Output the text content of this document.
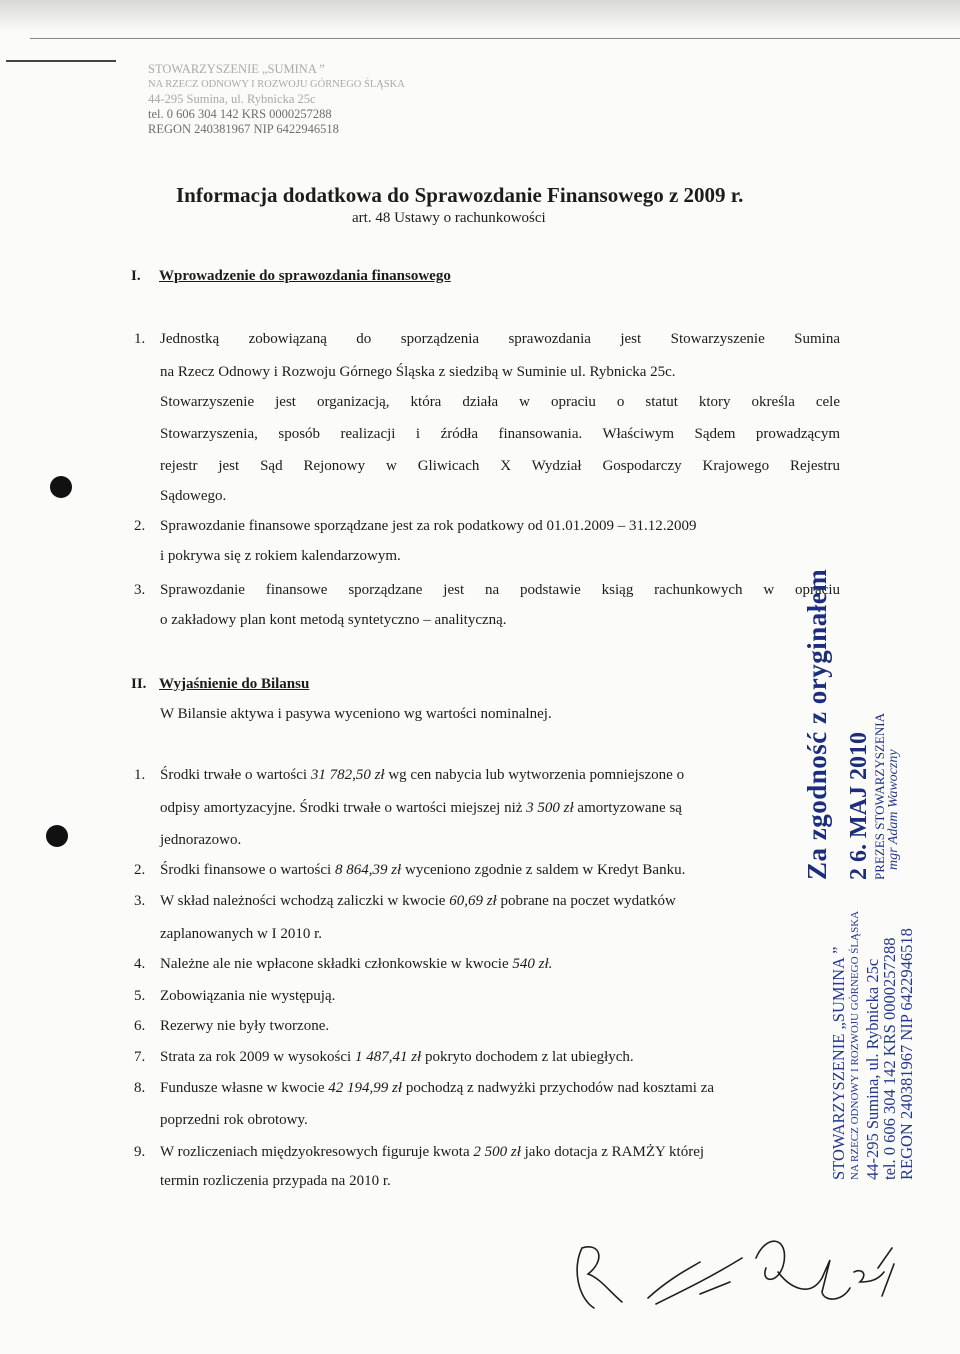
STOWARZYSZENIE „SUMINA ”
NA RZECZ ODNOWY I ROZWOJU GÓRNEGO ŚLĄSKA
44-295 Sumina, ul. Rybnicka 25c
tel. 0 606 304 142 KRS 0000257288
REGON 240381967 NIP 6422946518
Informacja dodatkowa do Sprawozdanie Finansowego z 2009 r.
art. 48 Ustawy o rachunkowości
I. Wprowadzenie do sprawozdania finansowego
1. Jednostką zobowiązaną do sporządzenia sprawozdania jest Stowarzyszenie Sumina
na Rzecz Odnowy i Rozwoju Górnego Śląska z siedzibą w Suminie ul. Rybnicka 25c.
Stowarzyszenie jest organizacją, która działa w opraciu o statut ktory określa cele
Stowarzyszenia, sposób realizacji i źródła finansowania. Właściwym Sądem prowadzącym
rejestr jest Sąd Rejonowy w Gliwicach X Wydział Gospodarczy Krajowego Rejestru
Sądowego.
2. Sprawozdanie finansowe sporządzane jest za rok podatkowy od 01.01.2009 – 31.12.2009
i pokrywa się z rokiem kalendarzowym.
3. Sprawozdanie finansowe sporządzane jest na podstawie ksiąg rachunkowych w opraciu
o zakładowy plan kont metodą syntetyczno – analityczną.
II. Wyjaśnienie do Bilansu
W Bilansie aktywa i pasywa wyceniono wg wartości nominalnej.
1. Środki trwałe o wartości 31 782,50 zł wg cen nabycia lub wytworzenia pomniejszone o
odpisy amortyzacyjne. Środki trwałe o wartości miejszej niż 3 500 zł amortyzowane są
jednorazowo.
2. Środki finansowe o wartości 8 864,39 zł wyceniono zgodnie z saldem w Kredyt Banku.
3. W skład należności wchodzą zaliczki w kwocie 60,69 zł pobrane na poczet wydatków
zaplanowanych w I 2010 r.
4. Należne ale nie wpłacone składki członkowskie w kwocie 540 zł.
5. Zobowiązania nie występują.
6. Rezerwy nie były tworzone.
7. Strata za rok 2009 w wysokości 1 487,41 zł pokryto dochodem z lat ubiegłych.
8. Fundusze własne w kwocie 42 194,99 zł pochodzą z nadwyżki przychodów nad kosztami za
poprzedni rok obrotowy.
9. W rozliczeniach międzyokresowych figuruje kwota 2 500 zł jako dotacja z RAMŻY której
termin rozliczenia przypada na 2010 r.
Za zgodność z oryginałem 2 6. MAJ 2010 PREZES STOWARZYSZENIA mgr Adam Wawoczny
STOWARZYSZENIE „SUMINA ” NA RZECZ ODNOWY I ROZWOJU GÓRNEGO ŚLĄSKA 44-295 Sumina, ul. Rybnicka 25c
tel. 0 606 304 142 KRS 0000257288
REGON 240381967 NIP 6422946518
